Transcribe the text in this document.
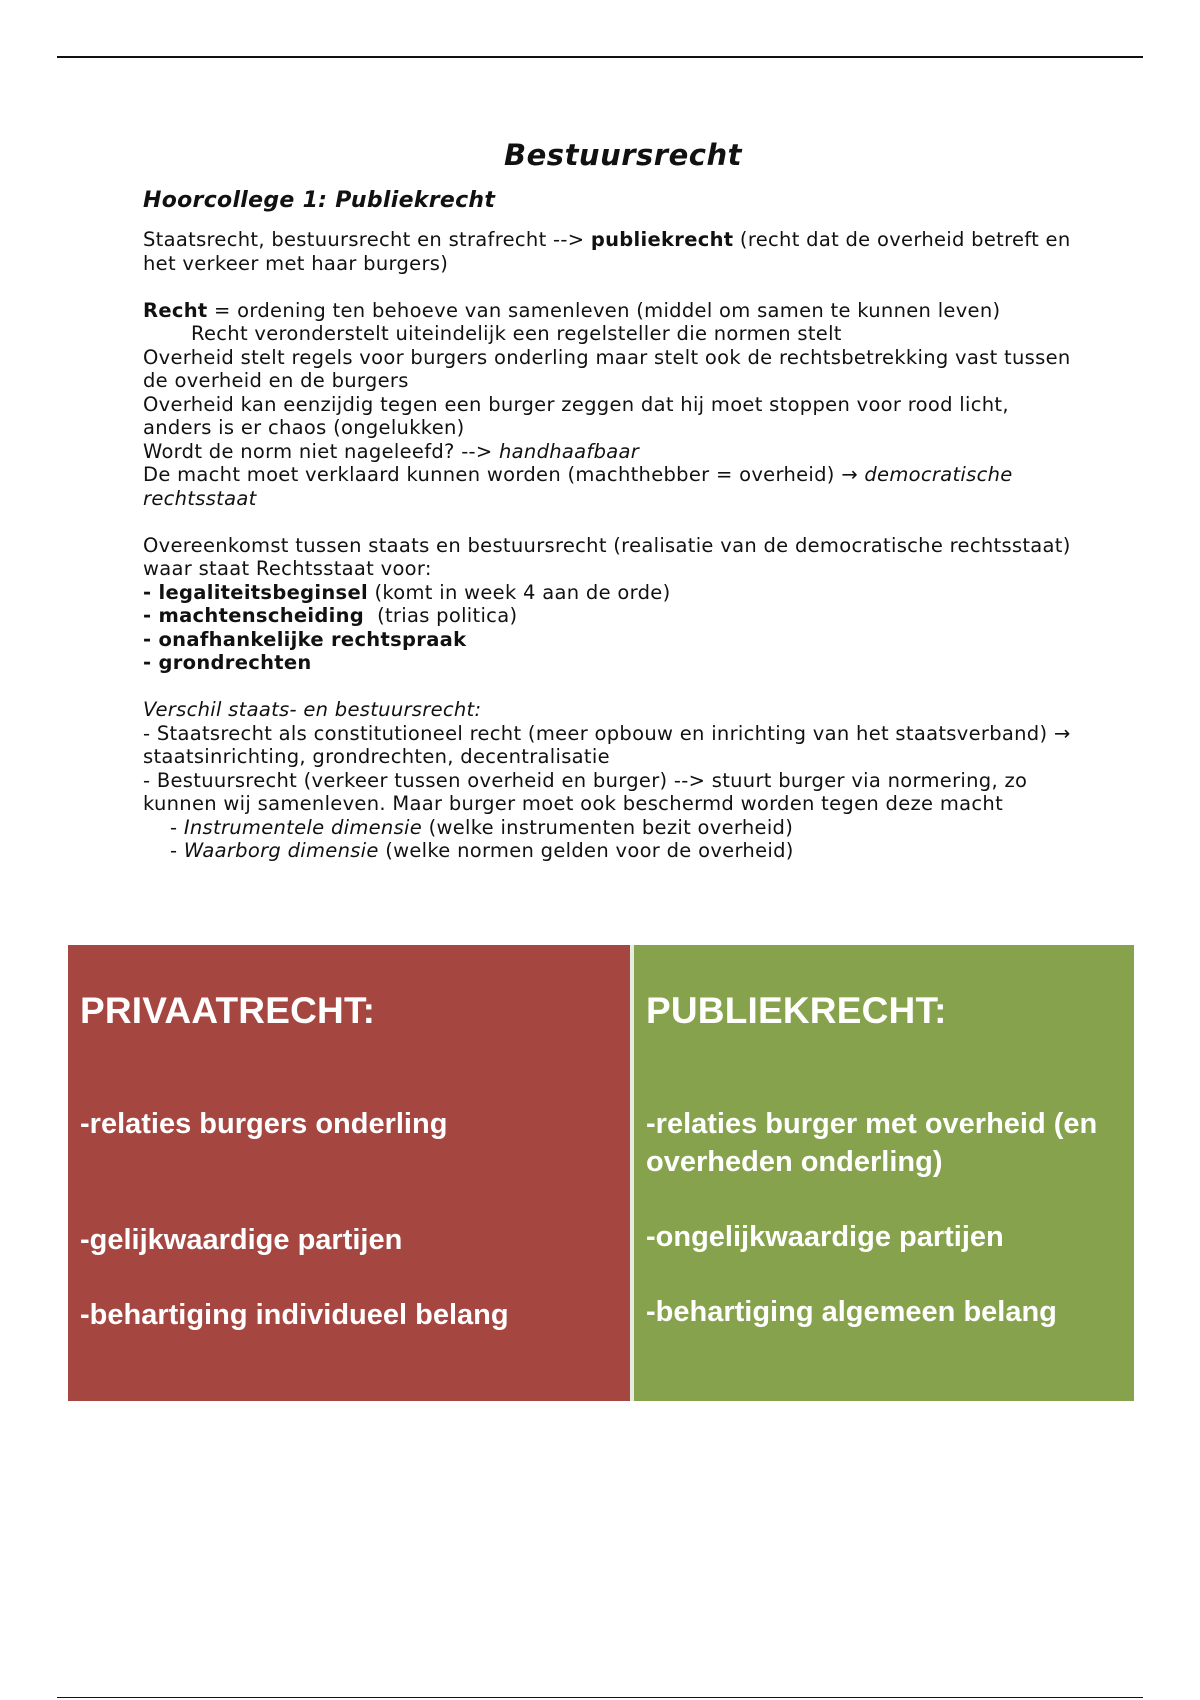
Bestuursrecht
Hoorcollege 1: Publiekrecht
Staatsrecht, bestuursrecht en strafrecht --> publiekrecht (recht dat de overheid betreft en het verkeer met haar burgers)
Recht = ordening ten behoeve van samenleven (middel om samen te kunnen leven)
Recht veronderstelt uiteindelijk een regelsteller die normen stelt
Overheid stelt regels voor burgers onderling maar stelt ook de rechtsbetrekking vast tussen de overheid en de burgers
Overheid kan eenzijdig tegen een burger zeggen dat hij moet stoppen voor rood licht, anders is er chaos (ongelukken)
Wordt de norm niet nageleefd? --> handhaafbaar
De macht moet verklaard kunnen worden (machthebber = overheid) → democratische rechtsstaat
Overeenkomst tussen staats en bestuursrecht (realisatie van de democratische rechtsstaat)
waar staat Rechtsstaat voor:
- legaliteitsbeginsel (komt in week 4 aan de orde)
- machtenscheiding  (trias politica)
- onafhankelijke rechtspraak
- grondrechten
Verschil staats- en bestuursrecht:
- Staatsrecht als constitutioneel recht (meer opbouw en inrichting van het staatsverband) → staatsinrichting, grondrechten, decentralisatie
- Bestuursrecht (verkeer tussen overheid en burger) --> stuurt burger via normering, zo kunnen wij samenleven. Maar burger moet ook beschermd worden tegen deze macht
- Instrumentele dimensie (welke instrumenten bezit overheid)
- Waarborg dimensie (welke normen gelden voor de overheid)
PRIVAATRECHT:
-relaties burgers onderling
-gelijkwaardige partijen
-behartiging individueel belang
PUBLIEKRECHT:
-relaties burger met overheid (en overheden onderling)
-ongelijkwaardige partijen
-behartiging algemeen belang
